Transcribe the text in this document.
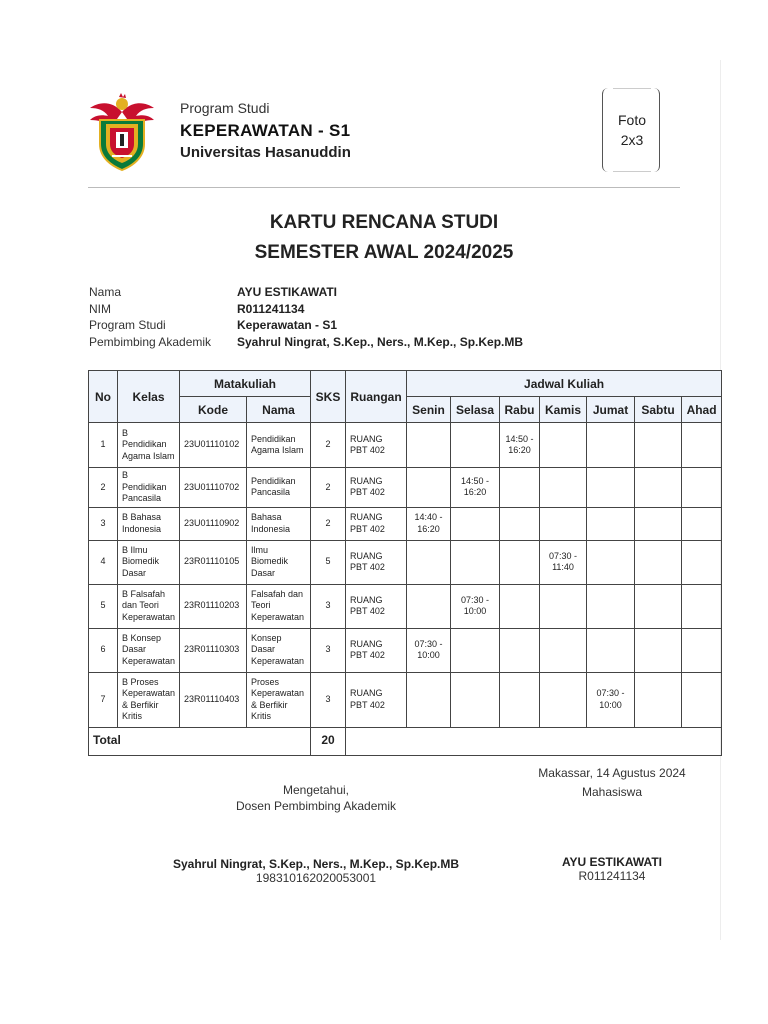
Program Studi
KEPERAWATAN - S1
Universitas Hasanuddin
Foto
2x3
KARTU RENCANA STUDI
SEMESTER AWAL 2024/2025
Nama	AYU ESTIKAWATI
NIM	R011241134
Program Studi	Keperawatan - S1
Pembimbing Akademik Syahrul Ningrat, S.Kep., Ners., M.Kep., Sp.Kep.MB
No	Kelas	Matakuliah		SKS	Ruangan	Jadwal Kuliah						
		Kode	Nama			Senin	Selasa	Rabu	Kamis	Jumat	Sabtu	Ahad
1	B Pendidikan Agama Islam	23U01110102	Pendidikan Agama Islam	2	RUANG PBT 402			14:50 - 16:20				
2	B Pendidikan Pancasila	23U01110702	Pendidikan Pancasila	2	RUANG PBT 402		14:50 - 16:20					
3	B Bahasa Indonesia	23U01110902	Bahasa Indonesia	2	RUANG PBT 402	14:40 - 16:20						
4	B Ilmu Biomedik Dasar	23R01110105	Ilmu Biomedik Dasar	5	RUANG PBT 402				07:30 - 11:40			
5	B Falsafah dan Teori Keperawatan	23R01110203	Falsafah dan Teori Keperawatan	3	RUANG PBT 402		07:30 - 10:00					
6	B Konsep Dasar Keperawatan	23R01110303	Konsep Dasar Keperawatan	3	RUANG PBT 402	07:30 - 10:00						
7	B Proses Keperawatan & Berfikir Kritis	23R01110403	Proses Keperawatan & Berfikir Kritis	3	RUANG PBT 402					07:30 - 10:00		
Total				20								
Makassar, 14 Agustus 2024
Mahasiswa
Mengetahui,
Dosen Pembimbing Akademik
Syahrul Ningrat, S.Kep., Ners., M.Kep., Sp.Kep.MB
198310162020053001
AYU ESTIKAWATI
R011241134
